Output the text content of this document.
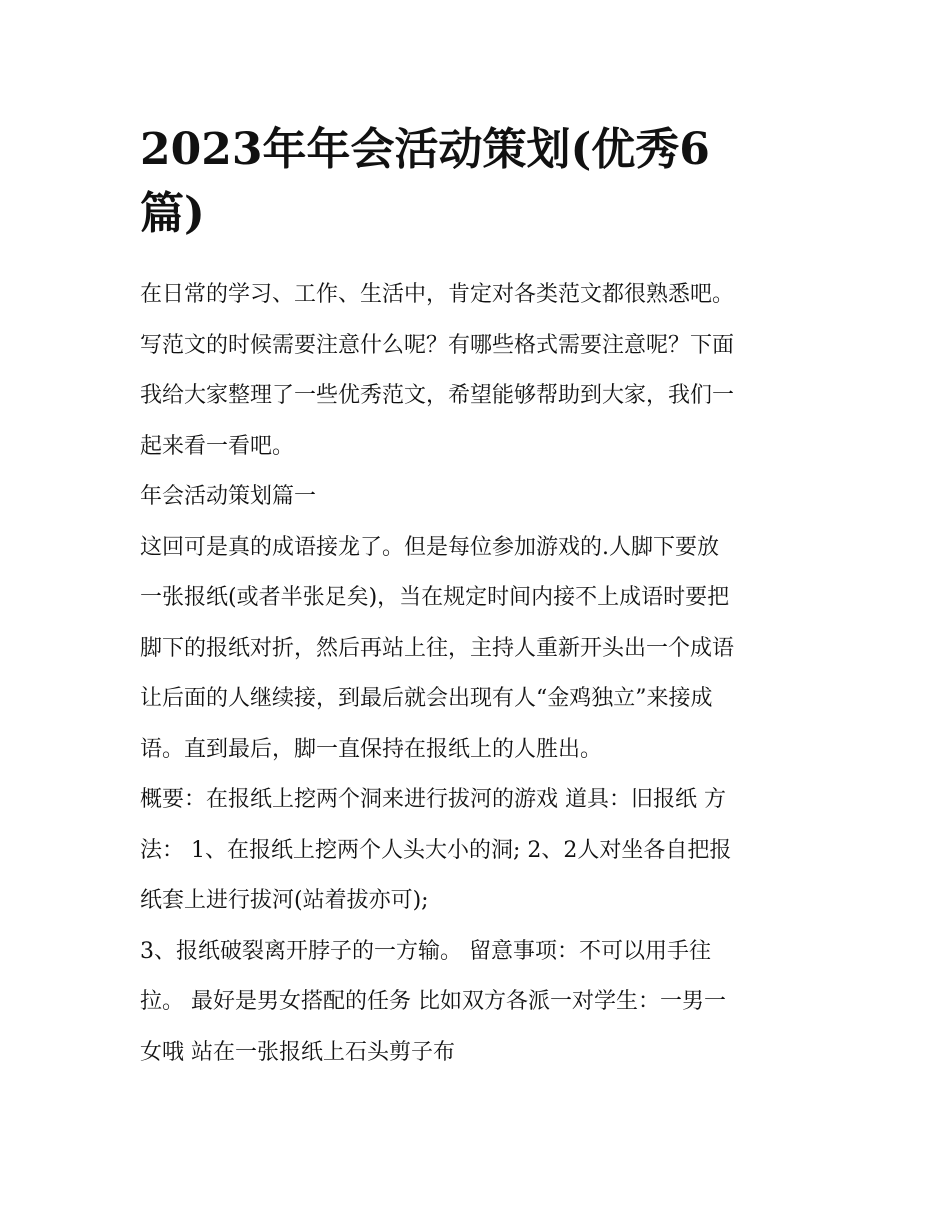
2023年年会活动策划(优秀6
篇)

在日常的学习、工作、生活中，肯定对各类范文都很熟悉吧。
写范文的时候需要注意什么呢？有哪些格式需要注意呢？下面
我给大家整理了一些优秀范文，希望能够帮助到大家，我们一
起来看一看吧。

年会活动策划篇一

这回可是真的成语接龙了。但是每位参加游戏的.人脚下要放
一张报纸(或者半张足矣)，当在规定时间内接不上成语时要把
脚下的报纸对折，然后再站上往，主持人重新开头出一个成语
让后面的人继续接，到最后就会出现有人“金鸡独立”来接成
语。直到最后，脚一直保持在报纸上的人胜出。

概要：在报纸上挖两个洞来进行拔河的游戏 道具：旧报纸 方
法： 1、在报纸上挖两个人头大小的洞; 2、2人对坐各自把报
纸套上进行拔河(站着拔亦可);

3、报纸破裂离开脖子的一方输。 留意事项：不可以用手往
拉。 最好是男女搭配的任务 比如双方各派一对学生：一男一
女哦 站在一张报纸上石头剪子布
